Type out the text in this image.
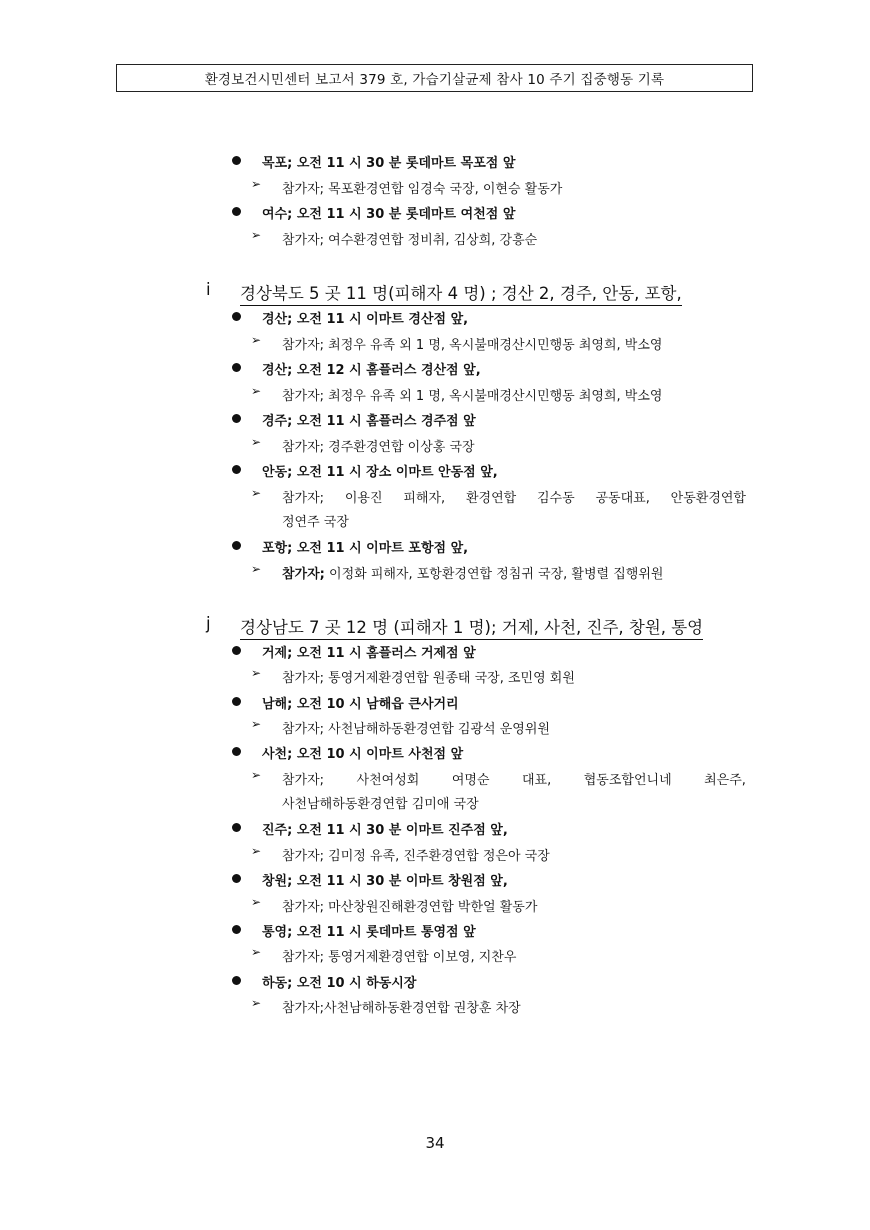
환경보건시민센터 보고서 379 호, 가습기살균제 참사 10 주기 집중행동 기록
목포; 오전 11 시 30 분 롯데마트 목포점 앞
➢ 참가자; 목포환경연합 임경숙 국장, 이현승 활동가
여수; 오전 11 시 30 분 롯데마트 여천점 앞
➢ 참가자; 여수환경연합 정비취, 김상희, 강흥순
i 경상북도 5 곳 11 명(피해자 4 명) ; 경산 2, 경주, 안동, 포항,
경산; 오전 11 시 이마트 경산점 앞,
➢ 참가자; 최정우 유족 외 1 명, 옥시불매경산시민행동 최영희, 박소영
경산; 오전 12 시 홈플러스 경산점 앞,
➢ 참가자; 최정우 유족 외 1 명, 옥시불매경산시민행동 최영희, 박소영
경주; 오전 11 시 홈플러스 경주점 앞
➢ 참가자; 경주환경연합 이상홍 국장
안동; 오전 11 시 장소 이마트 안동점 앞,
➢ 참가자; 이용진 피해자, 환경연합 김수동 공동대표, 안동환경연합
정연주 국장
포항; 오전 11 시 이마트 포항점 앞,
➢ 참가자; 이정화 피해자, 포항환경연합 정침귀 국장, 활병렬 집행위원
j 경상남도 7 곳 12 명 (피해자 1 명); 거제, 사천, 진주, 창원, 통영
거제; 오전 11 시 홈플러스 거제점 앞
➢ 참가자; 통영거제환경연합 원종태 국장, 조민영 회원
남해; 오전 10 시 남해읍 큰사거리
➢ 참가자; 사천남해하동환경연합 김광석 운영위원
사천; 오전 10 시 이마트 사천점 앞
➢ 참가자; 사천여성회 여명순 대표, 협동조합언니네 최은주,
사천남해하동환경연합 김미애 국장
진주; 오전 11 시 30 분 이마트 진주점 앞,
➢ 참가자; 김미정 유족, 진주환경연합 정은아 국장
창원; 오전 11 시 30 분 이마트 창원점 앞,
➢ 참가자; 마산창원진해환경연합 박한얼 활동가
통영; 오전 11 시 롯데마트 통영점 앞
➢ 참가자; 통영거제환경연합 이보영, 지찬우
하동; 오전 10 시 하동시장
➢ 참가자;사천남해하동환경연합 권창훈 차장
34
